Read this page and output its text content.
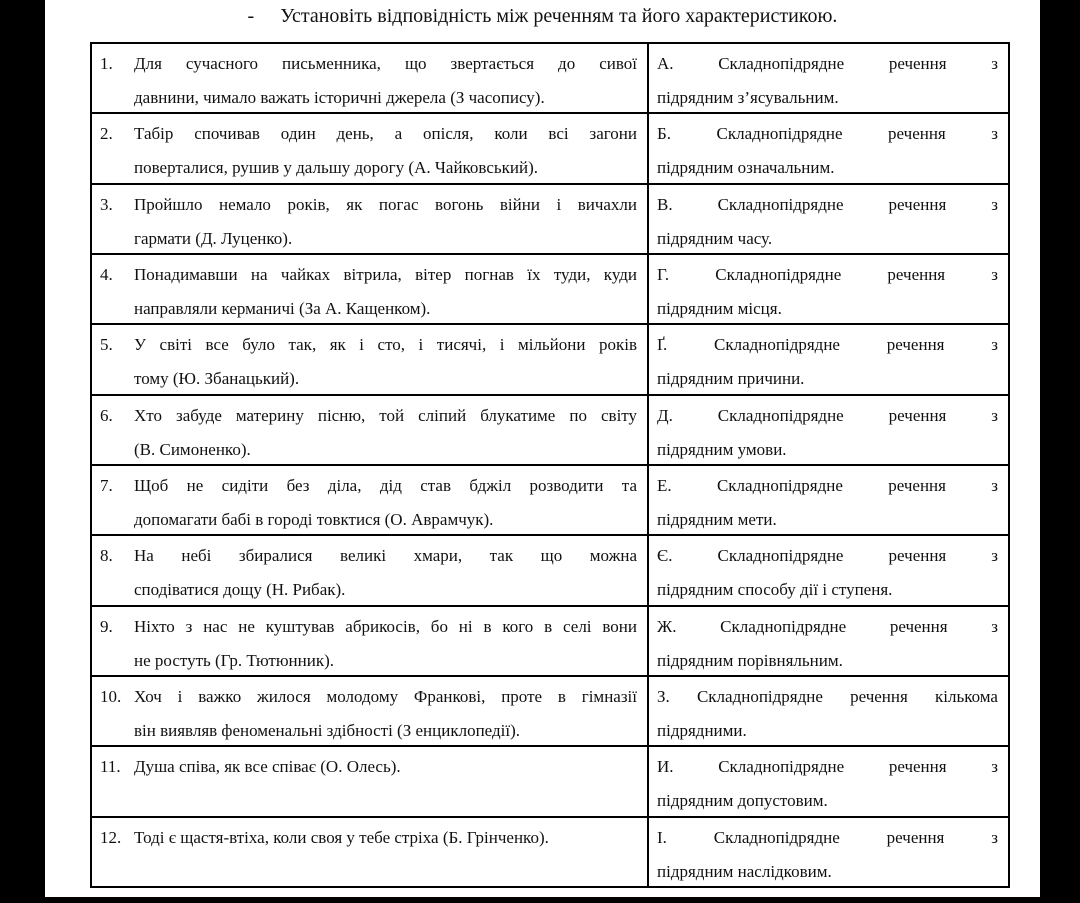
- Установіть відповідність між реченням та його характеристикою.
1.	Для сучасного письменника, що звертається до сивої
давнини, чимало важать історичні джерела (З часопису).
А.	Складнопідрядне	речення	з
підрядним з’ясувальним.
2.	Табір спочивав один день, а опісля, коли всі загони
поверталися, рушив у дальшу дорогу (А. Чайковський).
Б.	Складнопідрядне	речення	з
підрядним означальним.
3.	Пройшло немало років, як погас вогонь війни і вичахли
гармати (Д. Луценко).
В.	Складнопідрядне	речення	з
підрядним часу.
4.	Понадимавши на чайках вітрила, вітер погнав їх туди, куди
направляли керманичі (За А. Кащенком).
Г.	Складнопідрядне	речення	з
підрядним місця.
5.	У світі все було так, як і сто, і тисячі, і мільйони років
тому (Ю. Збанацький).
Ґ.	Складнопідрядне	речення	з
підрядним причини.
6.	Хто забуде материну пісню, той сліпий блукатиме по світу
(В. Симоненко).
Д.	Складнопідрядне	речення	з
підрядним умови.
7.	Щоб не сидіти без діла, дід став бджіл розводити та
допомагати бабі в городі товктися (О. Аврамчук).
Е.	Складнопідрядне	речення	з
підрядним мети.
8.	На небі збиралися великі хмари, так що можна
сподіватися дощу (Н. Рибак).
Є.	Складнопідрядне	речення	з
підрядним способу дії і ступеня.
9.	Ніхто з нас не куштував абрикосів, бо ні в кого в селі вони
не ростуть (Гр. Тютюнник).
Ж.	Складнопідрядне	речення	з
підрядним порівняльним.
10. Хоч і важко жилося молодому Франкові, проте в гімназії
він виявляв феноменальні здібності (З енциклопедії).
З. Складнопідрядне речення кількома
підрядними.
11. Душа співа, як все співає (О. Олесь).	И.	Складнопідрядне	речення	з
підрядним допустовим.
12. Тоді є щастя-втіха, коли своя у тебе стріха (Б. Грінченко).	І.	Складнопідрядне	речення	з
підрядним наслідковим.
